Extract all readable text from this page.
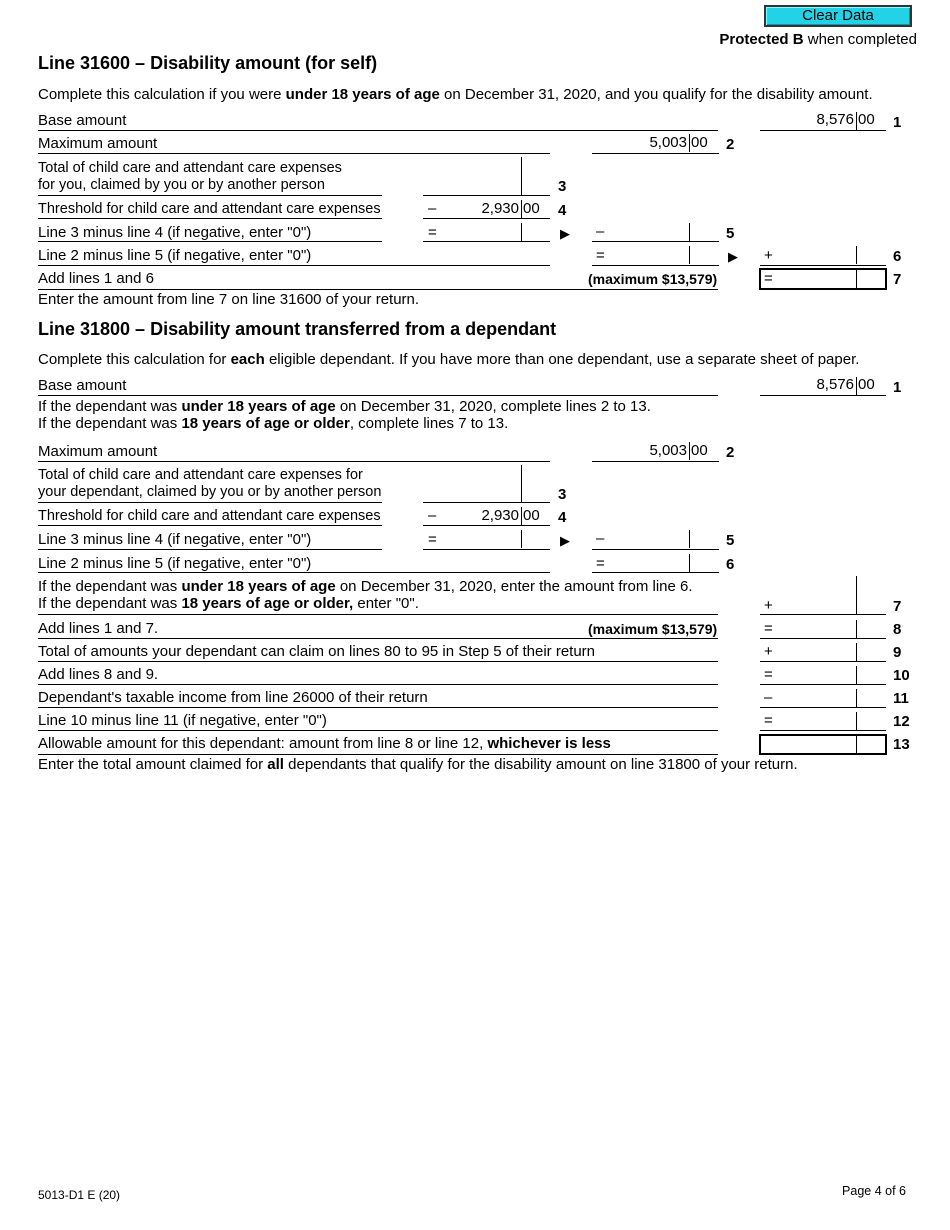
Clear Data
Protected B when completed
Line 31600 – Disability amount (for self)
Complete this calculation if you were under 18 years of age on December 31, 2020, and you qualify for the disability amount.
Base amount	8,576 00 1
Maximum amount	5,003 00 2
Total of child care and attendant care expenses
for you, claimed by you or by another person	3
Threshold for child care and attendant care expenses	–	2,930 00 4
Line 3 minus line 4 (if negative, enter "0")	=	▶ –	5
Line 2 minus line 5 (if negative, enter "0")	=	▶ +	6
Add lines 1 and 6	(maximum $13,579)	=	7
Enter the amount from line 7 on line 31600 of your return.
Line 31800 – Disability amount transferred from a dependant
Complete this calculation for each eligible dependant. If you have more than one dependant, use a separate sheet of paper.
Base amount	8,576 00 1
If the dependant was under 18 years of age on December 31, 2020, complete lines 2 to 13.
If the dependant was 18 years of age or older, complete lines 7 to 13.
Maximum amount	5,003 00 2
Total of child care and attendant care expenses for
your dependant, claimed by you or by another person	3
Threshold for child care and attendant care expenses	–	2,930 00 4
Line 3 minus line 4 (if negative, enter "0")	=	▶ –	5
Line 2 minus line 5 (if negative, enter "0")	=	6
If the dependant was under 18 years of age on December 31, 2020, enter the amount from line 6.
If the dependant was 18 years of age or older, enter "0".	+	7
Add lines 1 and 7.	(maximum $13,579)	=	8
Total of amounts your dependant can claim on lines 80 to 95 in Step 5 of their return	+	9
Add lines 8 and 9.	=	10
Dependant's taxable income from line 26000 of their return	–	11
Line 10 minus line 11 (if negative, enter "0")	=	12
Allowable amount for this dependant: amount from line 8 or line 12, whichever is less	13
Enter the total amount claimed for all dependants that qualify for the disability amount on line 31800 of your return.
5013-D1 E (20)	Page 4 of 6
